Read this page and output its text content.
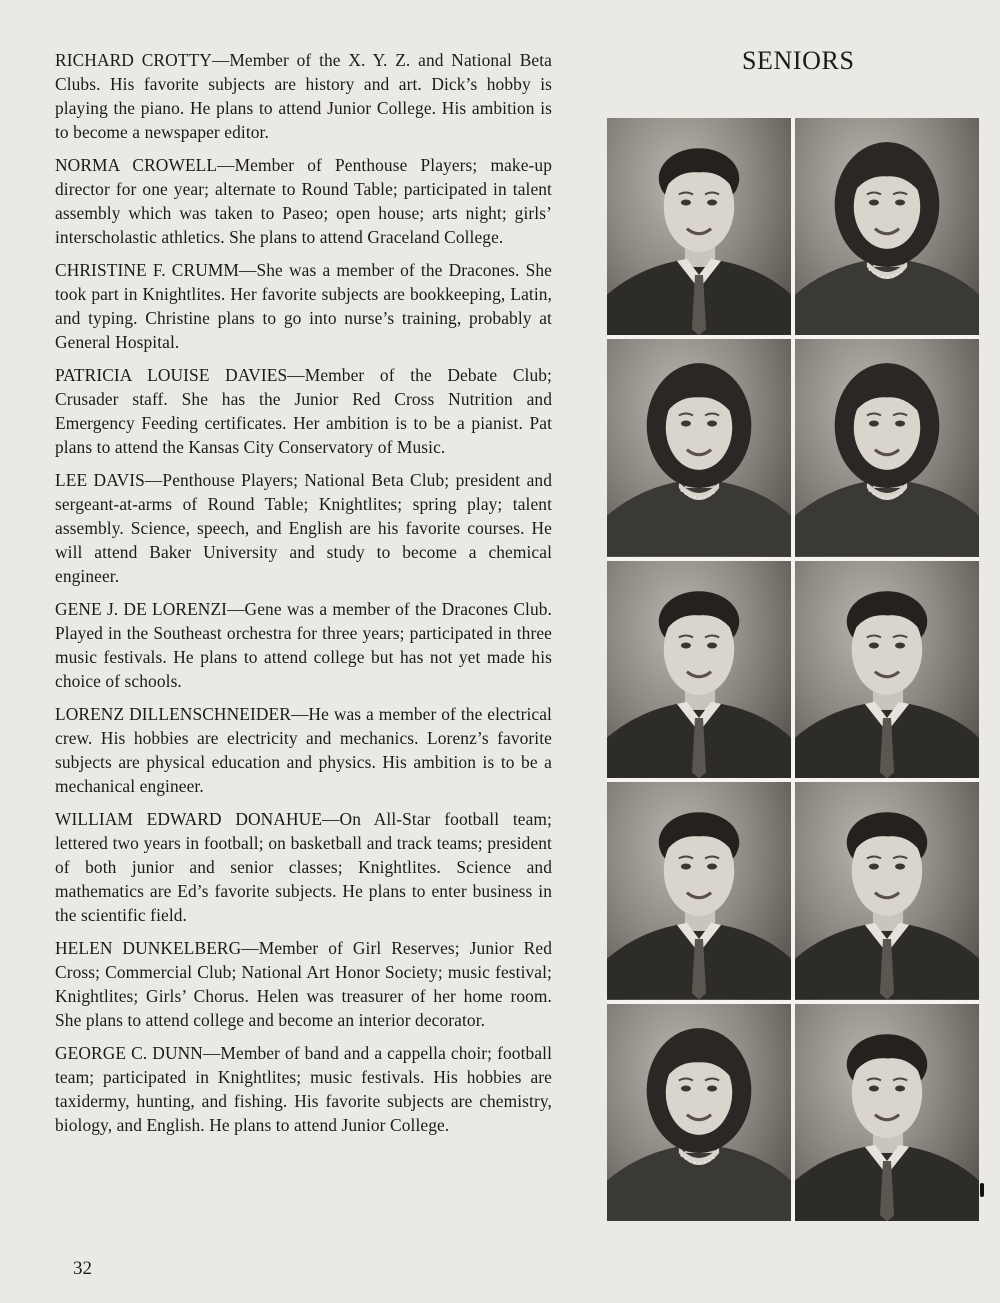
RICHARD CROTTY—Member of the X. Y. Z. and National Beta Clubs. His favorite subjects are history and art. Dick’s hobby is playing the piano. He plans to attend Junior College. His ambition is to become a newspaper editor.

NORMA CROWELL—Member of Penthouse Players; make-up director for one year; alternate to Round Table; participated in talent assembly which was taken to Paseo; open house; arts night; girls’ interscholastic athletics. She plans to attend Graceland College.

CHRISTINE F. CRUMM—She was a member of the Dracones. She took part in Knightlites. Her favorite subjects are bookkeeping, Latin, and typing. Christine plans to go into nurse’s training, probably at General Hospital.

PATRICIA LOUISE DAVIES—Member of the Debate Club; Crusader staff. She has the Junior Red Cross Nutrition and Emergency Feeding certificates. Her ambition is to be a pianist. Pat plans to attend the Kansas City Conservatory of Music.

LEE DAVIS—Penthouse Players; National Beta Club; president and sergeant-at-arms of Round Table; Knightlites; spring play; talent assembly. Science, speech, and English are his favorite courses. He will attend Baker University and study to become a chemical engineer.

GENE J. DE LORENZI—Gene was a member of the Dracones Club. Played in the Southeast orchestra for three years; participated in three music festivals. He plans to attend college but has not yet made his choice of schools.

LORENZ DILLENSCHNEIDER—He was a member of the electrical crew. His hobbies are electricity and mechanics. Lorenz’s favorite subjects are physical education and physics. His ambition is to be a mechanical engineer.

WILLIAM EDWARD DONAHUE—On All-Star football team; lettered two years in football; on basketball and track teams; president of both junior and senior classes; Knightlites. Science and mathematics are Ed’s favorite subjects. He plans to enter business in the scientific field.

HELEN DUNKELBERG—Member of Girl Reserves; Junior Red Cross; Commercial Club; National Art Honor Society; music festival; Knightlites; Girls’ Chorus. Helen was treasurer of her home room. She plans to attend college and become an interior decorator.

GEORGE C. DUNN—Member of band and a cappella choir; football team; participated in Knightlites; music festivals. His hobbies are taxidermy, hunting, and fishing. His favorite subjects are chemistry, biology, and English. He plans to attend Junior College.

SENIORS
32
